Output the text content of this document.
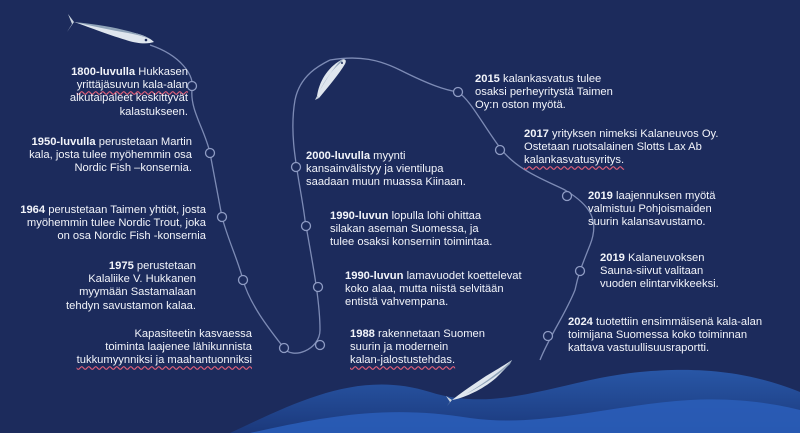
1800-luvulla Hukkasen
yrittäjäsuvun kala-alan
alkutaipaleet keskittyvät
kalastukseen.
1950-luvulla perustetaan Martin
kala, josta tulee myöhemmin osa
Nordic Fish –konsernia.
1964 perustetaan Taimen yhtiöt, josta
myöhemmin tulee Nordic Trout, joka
on osa Nordic Fish -konsernia
1975 perustetaan
Kalaliike V. Hukkanen
myymään Sastamalaan
tehdyn savustamon kalaa.
Kapasiteetin kasvaessa
toiminta laajenee lähikunnista
tukkumyynniksi ja maahantuonniksi
2000-luvulla myynti
kansainvälistyy ja vientilupa
saadaan muun muassa Kiinaan.
1990-luvun lopulla lohi ohittaa
silakan aseman Suomessa, ja
tulee osaksi konsernin toimintaa.
1990-luvun lamavuodet koettelevat
koko alaa, mutta niistä selvitään
entistä vahvempana.
1988 rakennetaan Suomen
suurin ja modernein
kalan-jalostustehdas.
2015 kalankasvatus tulee
osaksi perheyritystä Taimen
Oy:n oston myötä.
2017 yrityksen nimeksi Kalaneuvos Oy.
Ostetaan ruotsalainen Slotts Lax Ab
kalankasvatusyritys.
2019 laajennuksen myötä
valmistuu Pohjoismaiden
suurin kalansavustamo.
2019 Kalaneuvoksen
Sauna-siivut valitaan
vuoden elintarvikkeeksi.
2024 tuotettiin ensimmäisenä kala-alan
toimijana Suomessa koko toiminnan
kattava vastuullisuusraportti.
